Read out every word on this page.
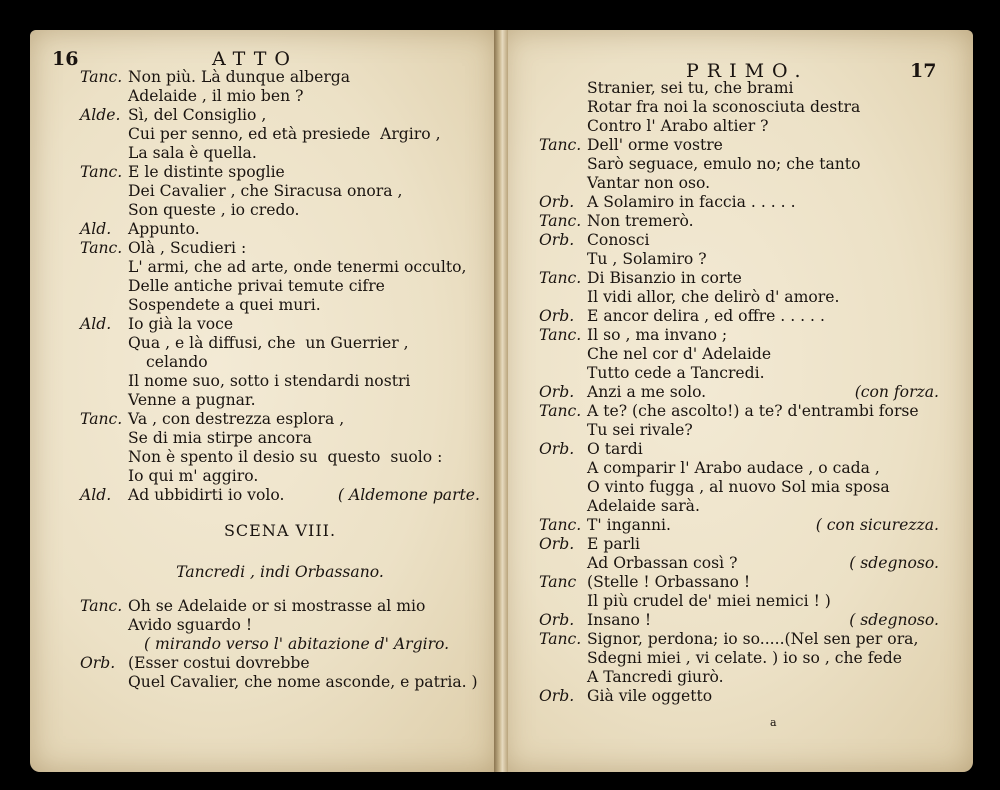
16	ATTO
Tanc. Non più. Là dunque alberga
Adelaide , il mio ben ?
Alde. Sì, del Consiglio ,
Cui per senno, ed età presiede  Argiro ,
La sala è quella.
Tanc. E le distinte spoglie
Dei Cavalier , che Siracusa onora ,
Son queste , io credo.
Ald. Appunto.
Tanc. Olà , Scudieri :
L' armi, che ad arte, onde tenermi occulto,
Delle antiche privai temute cifre
Sospendete a quei muri.
Ald. Io già la voce
Qua , e là diffusi, che  un Guerrier ,
celando
Il nome suo, sotto i stendardi nostri
Venne a pugnar.
Tanc. Va , con destrezza esplora ,
Se di mia stirpe ancora
Non è spento il desio su  questo  suolo :
Io qui m' aggiro.
Ald. Ad ubbidirti io volo.	( Aldemone parte.
SCENA VIII.
Tancredi , indi Orbassano.
Tanc. Oh se Adelaide or si mostrasse al mio
Avido sguardo !
( mirando verso l' abitazione d' Argiro.
Orb. (Esser costui dovrebbe
Quel Cavalier, che nome asconde, e patria. )
PRIMO.	17
Stranier, sei tu, che brami
Rotar fra noi la sconosciuta destra
Contro l' Arabo altier ?
Tanc. Dell' orme vostre
Sarò seguace, emulo no; che tanto
Vantar non oso.
Orb. A Solamiro in faccia . . . . .
Tanc. Non tremerò.
Orb. Conosci
Tu , Solamiro ?
Tanc. Di Bisanzio in corte
Il vidi allor, che delirò d' amore.
Orb. E ancor delira , ed offre . . . . .
Tanc. Il so , ma invano ;
Che nel cor d' Adelaide
Tutto cede a Tancredi.
Orb. Anzi a me solo.	(con forza.
Tanc. A te? (che ascolto!) a te? d'entrambi forse
Tu sei rivale?
Orb. O tardi
A comparir l' Arabo audace , o cada ,
O vinto fugga , al nuovo Sol mia sposa
Adelaide sarà.
Tanc. T' inganni.	( con sicurezza.
Orb. E parli
Ad Orbassan così ?	( sdegnoso.
Tanc (Stelle ! Orbassano !
Il più crudel de' miei nemici ! )
Orb. Insano !	( sdegnoso.
Tanc. Signor, perdona; io so.....(Nel sen per ora,
Sdegni miei , vi celate. ) io so , che fede
A Tancredi giurò.
Orb. Già vile oggetto
a
